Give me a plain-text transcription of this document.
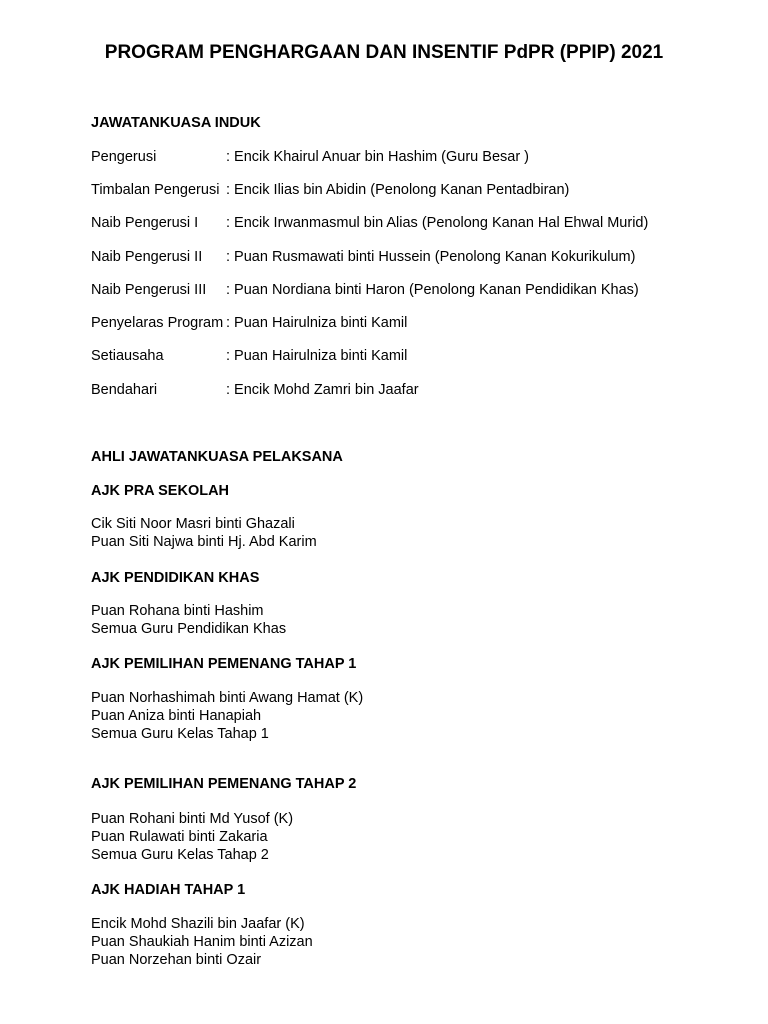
PROGRAM PENGHARGAAN DAN INSENTIF PdPR (PPIP) 2021
JAWATANKUASA INDUK
Pengerusi	: Encik Khairul Anuar bin Hashim (Guru Besar )
Timbalan Pengerusi : Encik Ilias bin Abidin (Penolong Kanan Pentadbiran)
Naib Pengerusi I : Encik Irwanmasmul bin Alias (Penolong Kanan Hal Ehwal Murid)
Naib Pengerusi II : Puan Rusmawati binti Hussein (Penolong Kanan Kokurikulum)
Naib Pengerusi III : Puan Nordiana binti Haron (Penolong Kanan Pendidikan Khas)
Penyelaras Program : Puan Hairulniza binti Kamil
Setiausaha	: Puan Hairulniza binti Kamil
Bendahari	: Encik Mohd Zamri bin Jaafar
AHLI JAWATANKUASA PELAKSANA
AJK PRA SEKOLAH
Cik Siti Noor Masri binti Ghazali
Puan Siti Najwa binti Hj. Abd Karim
AJK PENDIDIKAN KHAS
Puan Rohana binti Hashim
Semua Guru Pendidikan Khas
AJK PEMILIHAN PEMENANG TAHAP 1
Puan Norhashimah binti Awang Hamat (K)
Puan Aniza binti Hanapiah
Semua Guru Kelas Tahap 1
AJK PEMILIHAN PEMENANG TAHAP 2
Puan Rohani binti Md Yusof (K)
Puan Rulawati binti Zakaria
Semua Guru Kelas Tahap 2
AJK HADIAH TAHAP 1
Encik Mohd Shazili bin Jaafar (K)
Puan Shaukiah Hanim binti Azizan
Puan Norzehan binti Ozair
